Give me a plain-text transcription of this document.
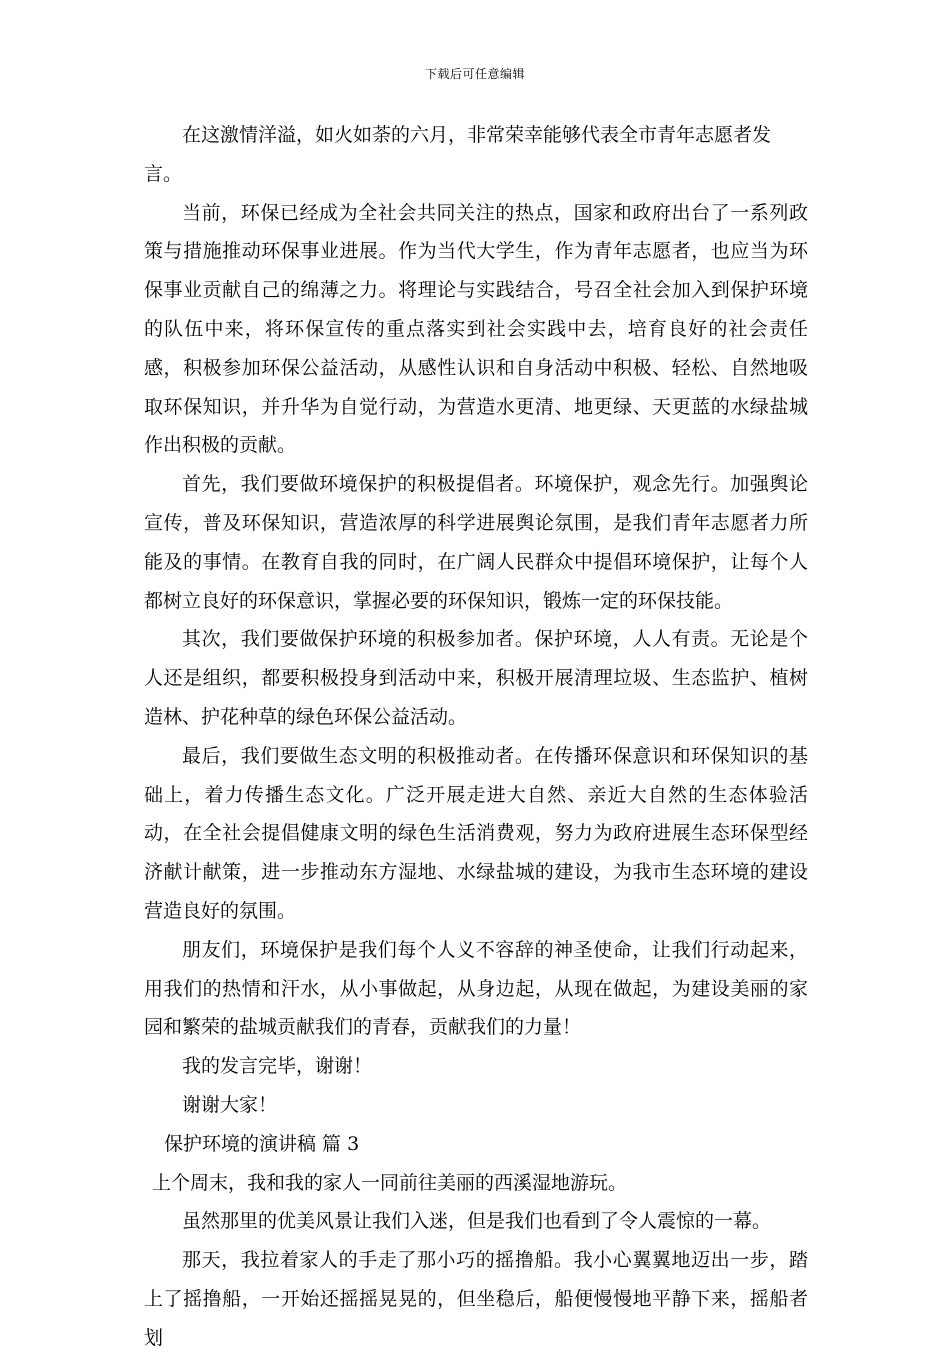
下载后可任意编辑

在这激情洋溢，如火如荼的六月，非常荣幸能够代表全市青年志愿者发言。

当前，环保已经成为全社会共同关注的热点，国家和政府出台了一系列政策与措施推动环保事业进展。作为当代大学生，作为青年志愿者，也应当为环保事业贡献自己的绵薄之力。将理论与实践结合，号召全社会加入到保护环境的队伍中来，将环保宣传的重点落实到社会实践中去，培育良好的社会责任感，积极参加环保公益活动，从感性认识和自身活动中积极、轻松、自然地吸取环保知识，并升华为自觉行动，为营造水更清、地更绿、天更蓝的水绿盐城作出积极的贡献。

首先，我们要做环境保护的积极提倡者。环境保护，观念先行。加强舆论宣传，普及环保知识，营造浓厚的科学进展舆论氛围，是我们青年志愿者力所能及的事情。在教育自我的同时，在广阔人民群众中提倡环境保护，让每个人都树立良好的环保意识，掌握必要的环保知识，锻炼一定的环保技能。

其次，我们要做保护环境的积极参加者。保护环境，人人有责。无论是个人还是组织，都要积极投身到活动中来，积极开展清理垃圾、生态监护、植树造林、护花种草的绿色环保公益活动。

最后，我们要做生态文明的积极推动者。在传播环保意识和环保知识的基础上，着力传播生态文化。广泛开展走进大自然、亲近大自然的生态体验活动，在全社会提倡健康文明的绿色生活消费观，努力为政府进展生态环保型经济献计献策，进一步推动东方湿地、水绿盐城的建设，为我市生态环境的建设营造良好的氛围。

朋友们，环境保护是我们每个人义不容辞的神圣使命，让我们行动起来，用我们的热情和汗水，从小事做起，从身边起，从现在做起，为建设美丽的家园和繁荣的盐城贡献我们的青春，贡献我们的力量！

我的发言完毕，谢谢！

谢谢大家！

保护环境的演讲稿 篇 3

上个周末，我和我的家人一同前往美丽的西溪湿地游玩。

虽然那里的优美风景让我们入迷，但是我们也看到了令人震惊的一幕。

那天，我拉着家人的手走了那小巧的摇撸船。我小心翼翼地迈出一步，踏上了摇撸船，一开始还摇摇晃晃的，但坐稳后，船便慢慢地平静下来，摇船者划
